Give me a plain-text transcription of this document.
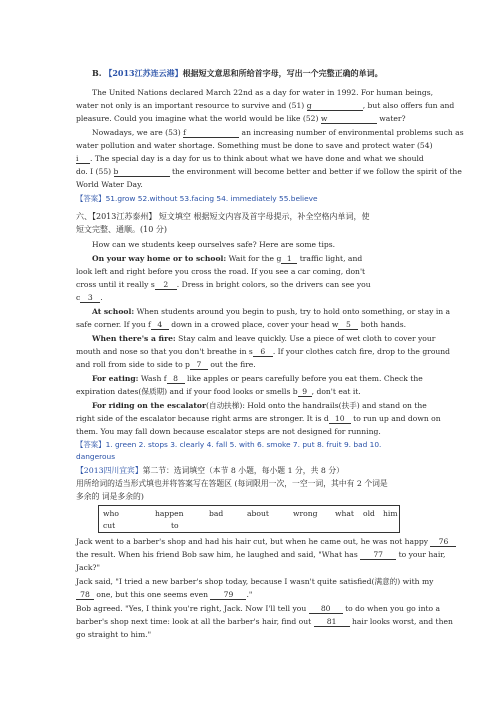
B. 【2013江苏连云港】根据短文意思和所给首字母，写出一个完整正确的单词。
The United Nations declared March 22nd as a day for water in 1992. For human beings,
water not only is an important resource to survive and (51) g	, but also offers fun and
pleasure. Could you imagine what the world would be like (52) w	water?
Nowadays, we are (53) f	an increasing number of environmental problems such as
water pollution and water shortage. Something must be done to save and protect water (54)
i . The special day is a day for us to think about what we have done and what we should
do. I (55) b	the environment will become better and better if we follow the spirit of the
World Water Day.
【答案】51.grow 52.without 53.facing 54. immediately 55.believe
六、【2013江苏泰州】 短文填空 根据短文内容及首字母提示，补全空格内单词，使
短文完整、通顺。(10 分)
How can we students keep ourselves safe? Here are some tips.
On your way home or to school: Wait for the g 1 traffic light, and
look left and right before you cross the road. If you see a car coming, don't
cross until it really s 2 . Dress in bright colors, so the drivers can see you
c 3 .
At school: When students around you begin to push, try to hold onto something, or stay in a
safe corner. If you f 4 down in a crowed place, cover your head w 5 both hands.
When there's a fire: Stay calm and leave quickly. Use a piece of wet cloth to cover your
mouth and nose so that you don't breathe in s 6 . If your clothes catch fire, drop to the ground
and roll from side to side to p 7 out the fire.
For eating: Wash f 8 like apples or pears carefully before you eat them. Check the
expiration dates(保质期) and if your food looks or smells b 9 , don't eat it.
For riding on the escalator(自动扶梯): Hold onto the handrails(扶手) and stand on the
right side of the escalator because right arms are stronger. It is d 10 to run up and down on
them. You may fall down because escalator steps are not designed for running.
【答案】1. green 2. stops 3. clearly 4. fall 5. with 6. smoke 7. put 8. fruit 9. bad 10.
dangerous
【2013四川宜宾】第二节：选词填空（本节 8 小题，每小题 1 分，共 8 分）
用所给词的适当形式填也并将答案写在答题区 (每词限用一次，一空一词，其中有 2 个词是
多余的 词是多余的)
who	happen	bad	about	wrong what old him
cut	to
Jack went to a barber's shop and had his hair cut, but when he came out, he was not happy 76
the result. When his friend Bob saw him, he laughed and said, "What has 77 to your hair,
Jack?"
Jack said, "I tried a new barber's shop today, because I wasn't quite satisfied(满意的) with my
78 one, but this one seems even 79 ."
Bob agreed. "Yes, I think you're right, Jack. Now I'll tell you 80 to do when you go into a
barber's shop next time: look at all the barber's hair, find out 81 hair looks worst, and then
go straight to him."
